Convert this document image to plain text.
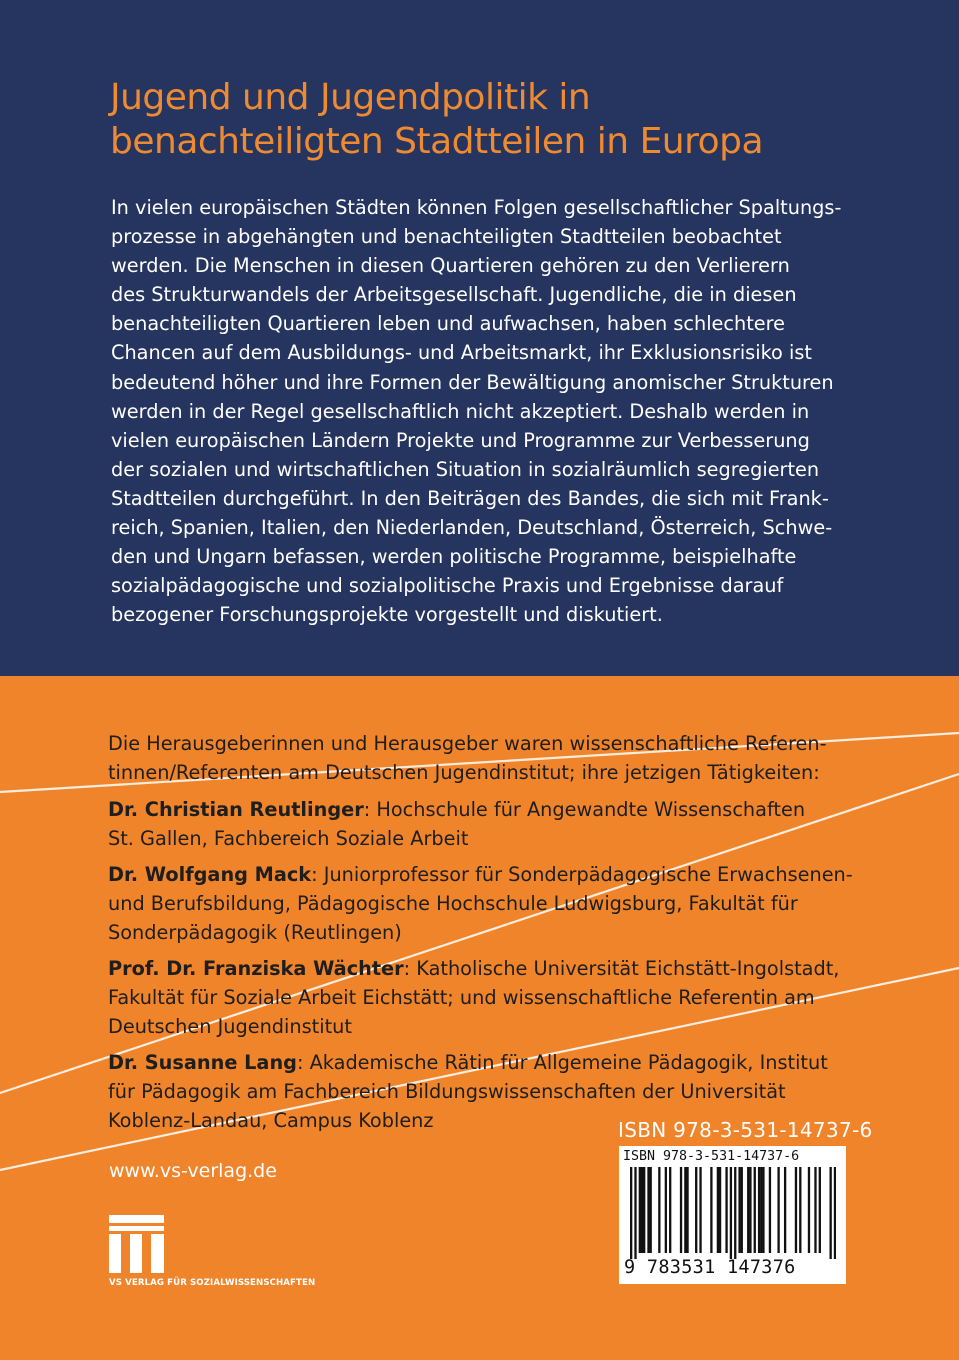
Jugend und Jugendpolitik in
benachteiligten Stadtteilen in Europa
In vielen europäischen Städten können Folgen gesellschaftlicher Spaltungs-
prozesse in abgehängten und benachteiligten Stadtteilen beobachtet
werden. Die Menschen in diesen Quartieren gehören zu den Verlierern
des Strukturwandels der Arbeitsgesellschaft. Jugendliche, die in diesen
benachteiligten Quartieren leben und aufwachsen, haben schlechtere
Chancen auf dem Ausbildungs- und Arbeitsmarkt, ihr Exklusionsrisiko ist
bedeutend höher und ihre Formen der Bewältigung anomischer Strukturen
werden in der Regel gesellschaftlich nicht akzeptiert. Deshalb werden in
vielen europäischen Ländern Projekte und Programme zur Verbesserung
der sozialen und wirtschaftlichen Situation in sozialräumlich segregierten
Stadtteilen durchgeführt. In den Beiträgen des Bandes, die sich mit Frank-
reich, Spanien, Italien, den Niederlanden, Deutschland, Österreich, Schwe-
den und Ungarn befassen, werden politische Programme, beispielhafte
sozialpädagogische und sozialpolitische Praxis und Ergebnisse darauf
bezogener Forschungsprojekte vorgestellt und diskutiert.
Die Herausgeberinnen und Herausgeber waren wissenschaftliche Referen-
tinnen/Referenten am Deutschen Jugendinstitut; ihre jetzigen Tätigkeiten:
Dr. Christian Reutlinger: Hochschule für Angewandte Wissenschaften
St. Gallen, Fachbereich Soziale Arbeit
Dr. Wolfgang Mack: Juniorprofessor für Sonderpädagogische Erwachsenen-
und Berufsbildung, Pädagogische Hochschule Ludwigsburg, Fakultät für
Sonderpädagogik (Reutlingen)
Prof. Dr. Franziska Wächter: Katholische Universität Eichstätt-Ingolstadt,
Fakultät für Soziale Arbeit Eichstätt; und wissenschaftliche Referentin am
Deutschen Jugendinstitut
Dr. Susanne Lang: Akademische Rätin für Allgemeine Pädagogik, Institut
für Pädagogik am Fachbereich Bildungswissenschaften der Universität
Koblenz-Landau, Campus Koblenz
www.vs-verlag.de
VS VERLAG FÜR SOZIALWISSENSCHAFTEN
ISBN 978-3-531-14737-6
ISBN 978-3-531-14737-6
9 783531 147376
